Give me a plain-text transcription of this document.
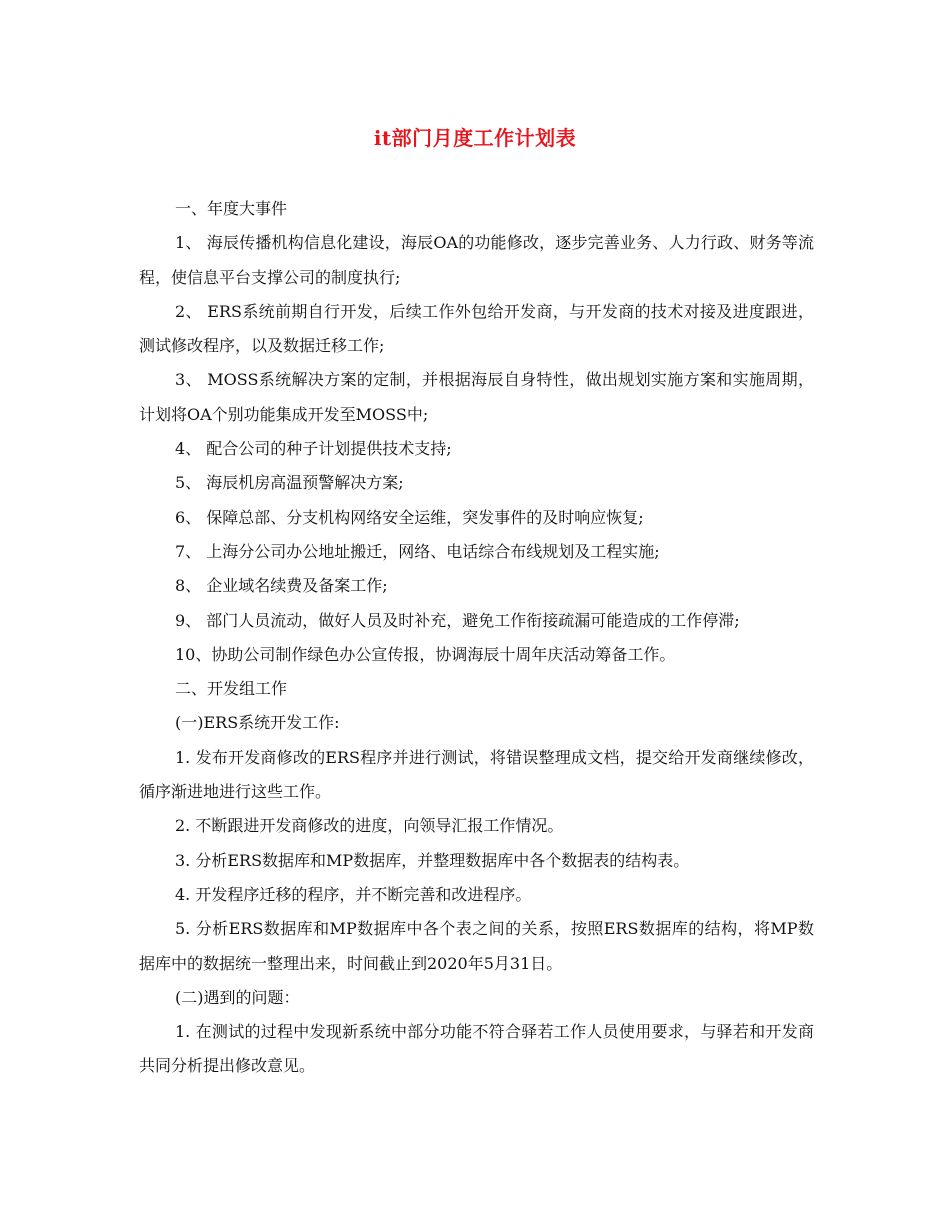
it部门月度工作计划表

一、年度大事件

1、 海辰传播机构信息化建设，海辰OA的功能修改，逐步完善业务、人力行政、财务等流程，使信息平台支撑公司的制度执行;

2、 ERS系统前期自行开发，后续工作外包给开发商，与开发商的技术对接及进度跟进，测试修改程序，以及数据迁移工作;

3、 MOSS系统解决方案的定制，并根据海辰自身特性，做出规划实施方案和实施周期，计划将OA个别功能集成开发至MOSS中;

4、 配合公司的种子计划提供技术支持;

5、 海辰机房高温预警解决方案;

6、 保障总部、分支机构网络安全运维，突发事件的及时响应恢复;

7、 上海分公司办公地址搬迁，网络、电话综合布线规划及工程实施;

8、 企业域名续费及备案工作;

9、 部门人员流动，做好人员及时补充，避免工作衔接疏漏可能造成的工作停滞;

10、协助公司制作绿色办公宣传报，协调海辰十周年庆活动筹备工作。

二、开发组工作

(一)ERS系统开发工作:

1. 发布开发商修改的ERS程序并进行测试，将错误整理成文档，提交给开发商继续修改，循序渐进地进行这些工作。

2. 不断跟进开发商修改的进度，向领导汇报工作情况。

3. 分析ERS数据库和MP数据库，并整理数据库中各个数据表的结构表。

4. 开发程序迁移的程序，并不断完善和改进程序。

5. 分析ERS数据库和MP数据库中各个表之间的关系，按照ERS数据库的结构，将MP数据库中的数据统一整理出来，时间截止到2020年5月31日。

(二)遇到的问题：

1. 在测试的过程中发现新系统中部分功能不符合驿若工作人员使用要求，与驿若和开发商共同分析提出修改意见。
